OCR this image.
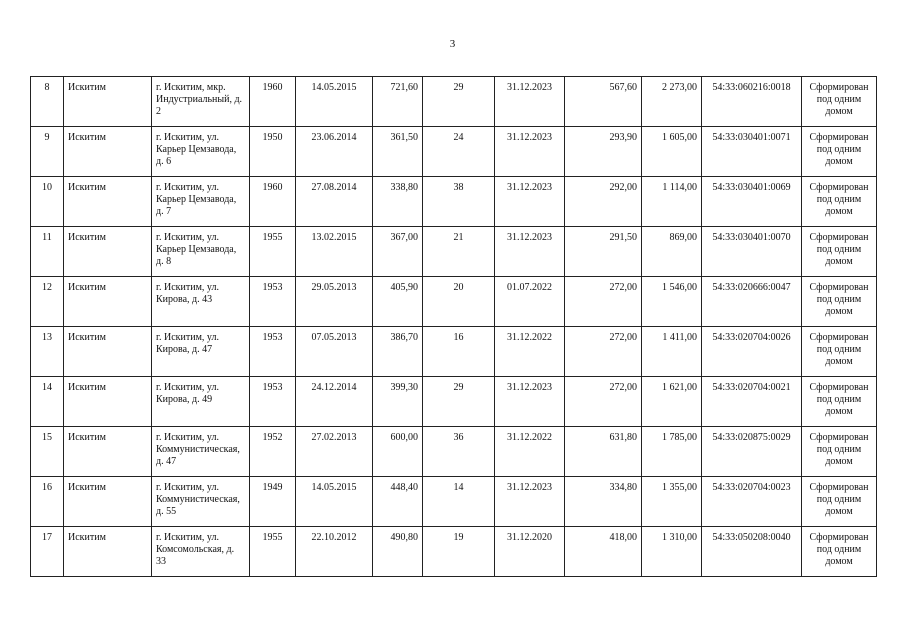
3
8	Искитим	г. Искитим, мкр. Индустриальный, д. 2	1960	14.05.2015	721,60	29	31.12.2023	567,60	2 273,00	54:33:060216:0018	Сформирован под одним домом
9	Искитим	г. Искитим, ул. Карьер Цемзавода, д. 6	1950	23.06.2014	361,50	24	31.12.2023	293,90	1 605,00	54:33:030401:0071	Сформирован под одним домом
10	Искитим	г. Искитим, ул. Карьер Цемзавода, д. 7	1960	27.08.2014	338,80	38	31.12.2023	292,00	1 114,00	54:33:030401:0069	Сформирован под одним домом
11	Искитим	г. Искитим, ул. Карьер Цемзавода, д. 8	1955	13.02.2015	367,00	21	31.12.2023	291,50	869,00	54:33:030401:0070	Сформирован под одним домом
12	Искитим	г. Искитим, ул. Кирова, д. 43	1953	29.05.2013	405,90	20	01.07.2022	272,00	1 546,00	54:33:020666:0047	Сформирован под одним домом
13	Искитим	г. Искитим, ул. Кирова, д. 47	1953	07.05.2013	386,70	16	31.12.2022	272,00	1 411,00	54:33:020704:0026	Сформирован под одним домом
14	Искитим	г. Искитим, ул. Кирова, д. 49	1953	24.12.2014	399,30	29	31.12.2023	272,00	1 621,00	54:33:020704:0021	Сформирован под одним домом
15	Искитим	г. Искитим, ул. Коммунистическая, д. 47	1952	27.02.2013	600,00	36	31.12.2022	631,80	1 785,00	54:33:020875:0029	Сформирован под одним домом
16	Искитим	г. Искитим, ул. Коммунистическая, д. 55	1949	14.05.2015	448,40	14	31.12.2023	334,80	1 355,00	54:33:020704:0023	Сформирован под одним домом
17	Искитим	г. Искитим, ул. Комсомольская, д. 33	1955	22.10.2012	490,80	19	31.12.2020	418,00	1 310,00	54:33:050208:0040	Сформирован под одним домом
